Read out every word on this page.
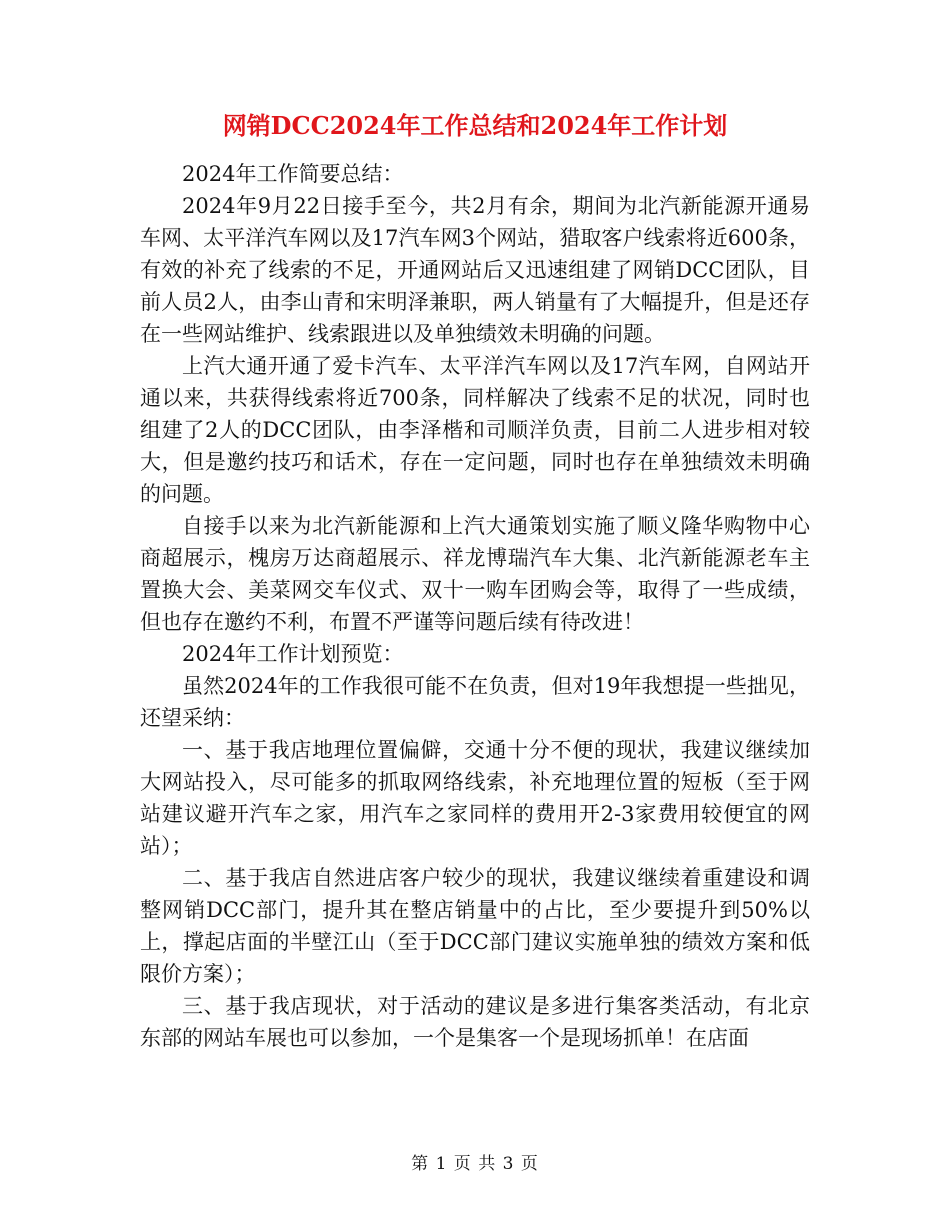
网销DCC2024年工作总结和2024年工作计划

2024年工作简要总结：

2024年9月22日接手至今，共2月有余，期间为北汽新能源开通易车网、太平洋汽车网以及17汽车网3个网站，猎取客户线索将近600条，有效的补充了线索的不足，开通网站后又迅速组建了网销DCC团队，目前人员2人，由李山青和宋明泽兼职，两人销量有了大幅提升，但是还存在一些网站维护、线索跟进以及单独绩效未明确的问题。

上汽大通开通了爱卡汽车、太平洋汽车网以及17汽车网，自网站开通以来，共获得线索将近700条，同样解决了线索不足的状况，同时也组建了2人的DCC团队，由李泽楷和司顺洋负责，目前二人进步相对较大，但是邀约技巧和话术，存在一定问题，同时也存在单独绩效未明确的问题。

自接手以来为北汽新能源和上汽大通策划实施了顺义隆华购物中心商超展示，槐房万达商超展示、祥龙博瑞汽车大集、北汽新能源老车主置换大会、美菜网交车仪式、双十一购车团购会等，取得了一些成绩，但也存在邀约不利，布置不严谨等问题后续有待改进！

2024年工作计划预览：

虽然2024年的工作我很可能不在负责，但对19年我想提一些拙见，还望采纳：

一、基于我店地理位置偏僻，交通十分不便的现状，我建议继续加大网站投入，尽可能多的抓取网络线索，补充地理位置的短板（至于网站建议避开汽车之家，用汽车之家同样的费用开2-3家费用较便宜的网站）；

二、基于我店自然进店客户较少的现状，我建议继续着重建设和调整网销DCC部门，提升其在整店销量中的占比，至少要提升到50%以上，撑起店面的半壁江山（至于DCC部门建议实施单独的绩效方案和低限价方案）；

三、基于我店现状，对于活动的建议是多进行集客类活动，有北京东部的网站车展也可以参加，一个是集客一个是现场抓单！在店面

第 1 页 共 3 页
